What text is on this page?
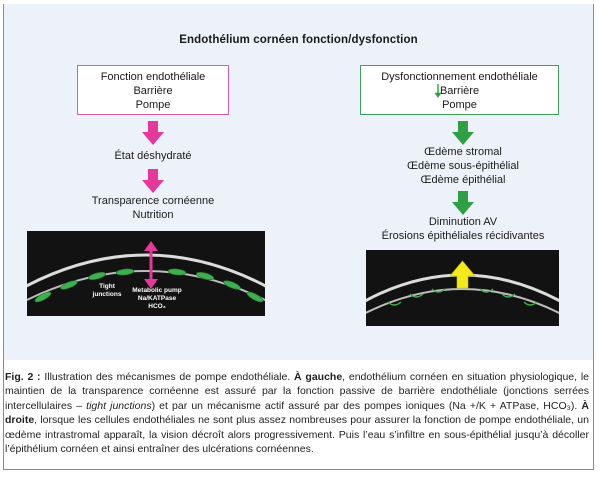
Endothélium cornéen fonction/dysfonction
Fonction endothéliale
Barrière
Pompe
État déshydraté
Transparence cornéenne
Nutrition
Tight
junctions
Metabolic pump
Na/KATPase
HCO₃
Dysfonctionnement endothéliale
Barrière
Pompe
Œdème stromal
Œdème sous-épithélial
Œdème épithélial
Diminution AV
Érosions épithéliales récidivantes
Fig. 2 : Illustration des mécanismes de pompe endothéliale. À gauche, endothélium cornéen en situation physiologique, le maintien de la transparence cornéenne est assuré par la fonction passive de barrière endothéliale (jonctions serrées intercellulaires – tight junctions) et par un mécanisme actif assuré par des pompes ioniques (Na +/K + ATPase, HCO₃). À droite, lorsque les cellules endothéliales ne sont plus assez nombreuses pour assurer la fonction de pompe endothéliale, un œdème intrastromal apparaît, la vision décroît alors progressivement. Puis l’eau s’infiltre en sous-épithélial jusqu’à décoller l’épithélium cornéen et ainsi entraîner des ulcérations cornéennes.
